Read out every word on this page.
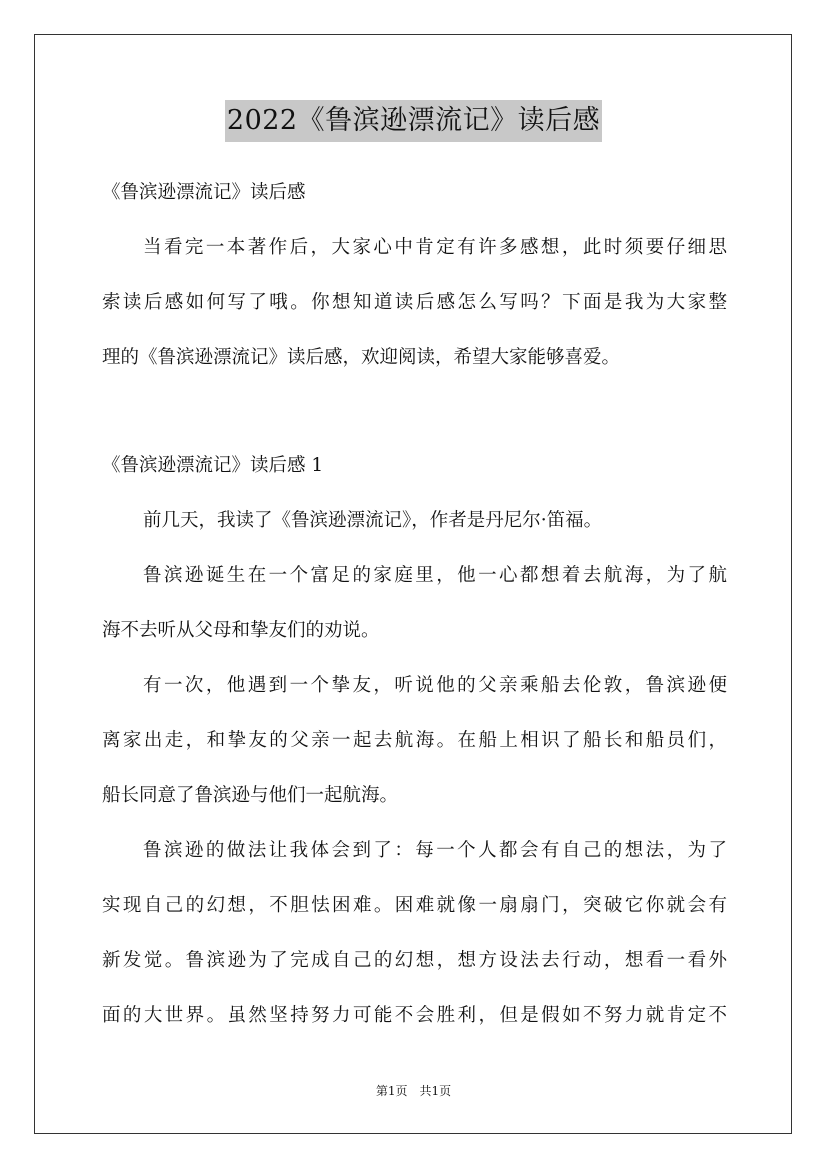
2022《鲁滨逊漂流记》读后感
《鲁滨逊漂流记》读后感
当看完一本著作后，大家心中肯定有许多感想，此时须要仔细思
索读后感如何写了哦。你想知道读后感怎么写吗？下面是我为大家整
理的《鲁滨逊漂流记》读后感，欢迎阅读，希望大家能够喜爱。
《鲁滨逊漂流记》读后感 1
前几天，我读了《鲁滨逊漂流记》，作者是丹尼尔·笛福。
鲁滨逊诞生在一个富足的家庭里，他一心都想着去航海，为了航
海不去听从父母和挚友们的劝说。
有一次，他遇到一个挚友，听说他的父亲乘船去伦敦，鲁滨逊便
离家出走，和挚友的父亲一起去航海。在船上相识了船长和船员们，
船长同意了鲁滨逊与他们一起航海。
鲁滨逊的做法让我体会到了：每一个人都会有自己的想法，为了
实现自己的幻想，不胆怯困难。困难就像一扇扇门，突破它你就会有
新发觉。鲁滨逊为了完成自己的幻想，想方设法去行动，想看一看外
面的大世界。虽然坚持努力可能不会胜利，但是假如不努力就肯定不
第1页　共1页
